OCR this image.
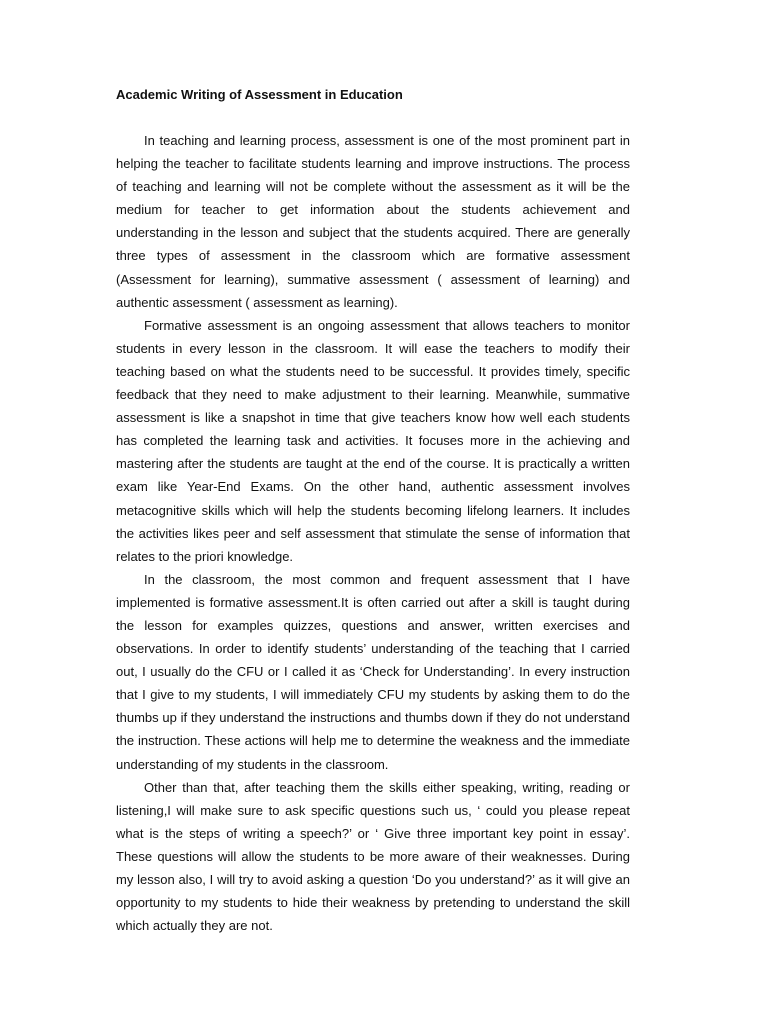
Academic Writing of Assessment in Education

In teaching and learning process, assessment is one of the most prominent part in helping the teacher to facilitate students learning and improve instructions. The process of teaching and learning will not be complete without the assessment as it will be the medium for teacher to get information about the students achievement and understanding in the lesson and subject that the students acquired. There are generally three types of assessment in the classroom which are formative assessment (Assessment for learning), summative assessment ( assessment of learning) and authentic assessment ( assessment as learning).

Formative assessment is an ongoing assessment that allows teachers to monitor students in every lesson in the classroom. It will ease the teachers to modify their teaching based on what the students need to be successful. It provides timely, specific feedback that they need to make adjustment to their learning. Meanwhile, summative assessment is like a snapshot in time that give teachers know how well each students has completed the learning task and activities. It focuses more in the achieving and mastering after the students are taught at the end of the course. It is practically a written exam like Year-End Exams. On the other hand, authentic assessment involves metacognitive skills which will help the students becoming lifelong learners. It includes the activities likes peer and self assessment that stimulate the sense of information that relates to the priori knowledge.

In the classroom, the most common and frequent assessment that I have implemented is formative assessment.It is often carried out after a skill is taught during the lesson for examples quizzes, questions and answer, written exercises and observations. In order to identify students’ understanding of the teaching that I carried out, I usually do the CFU or I called it as ‘Check for Understanding’. In every instruction that I give to my students, I will immediately CFU my students by asking them to do the thumbs up if they understand the instructions and thumbs down if they do not understand the instruction. These actions will help me to determine the weakness and the immediate understanding of my students in the classroom.

Other than that, after teaching them the skills either speaking, writing, reading or listening,I will make sure to ask specific questions such us, ‘ could you please repeat what is the steps of writing a speech?’ or ‘ Give three important key point in essay’. These questions will allow the students to be more aware of their weaknesses. During my lesson also, I will try to avoid asking a question ‘Do you understand?’ as it will give an opportunity to my students to hide their weakness by pretending to understand the skill which actually they are not.
